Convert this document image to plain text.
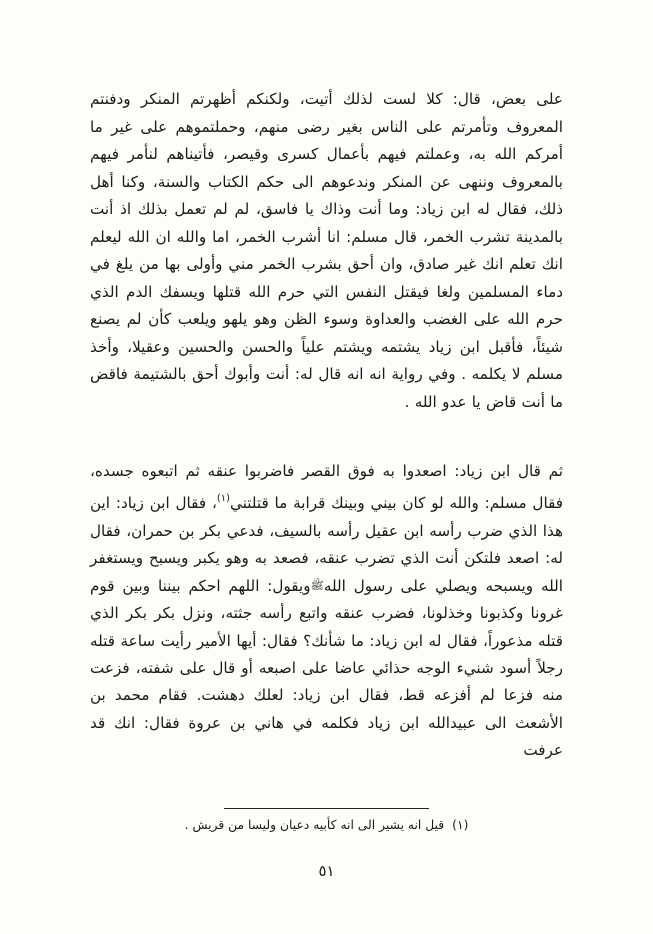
على بعض، قال: كلا لست لذلك أتيت، ولكنكم أظهرتم المنكر ودفنتم المعروف وتأمرتم على الناس بغير رضى منهم، وحملتموهم على غير ما أمركم الله به، وعملتم فيهم بأعمال كسرى وقيصر، فأتيناهم لنأمر فيهم بالمعروف وننهى عن المنكر وندعوهم الى حكم الكتاب والسنة، وكنا أهل ذلك، فقال له ابن زياد: وما أنت وذاك يا فاسق، لم لم تعمل بذلك اذ أنت بالمدينة تشرب الخمر، قال مسلم: انا أشرب الخمر، اما والله ان الله ليعلم انك تعلم انك غير صادق، وان أحق بشرب الخمر مني وأولى بها من يلغ في دماء المسلمين ولغا فيقتل النفس التي حرم الله قتلها ويسفك الدم الذي حرم الله على الغضب والعداوة وسوء الظن وهو يلهو ويلعب كأن لم يصنع شيئاً، فأقبل ابن زياد يشتمه ويشتم علياً والحسن والحسين وعقيلا، وأخذ مسلم لا يكلمه . وفي رواية انه انه قال له: أنت وأبوك أحق بالشتيمة فاقض ما أنت قاض يا عدو الله .

ثم قال ابن زياد: اصعدوا به فوق القصر فاضربوا عنقه ثم اتبعوه جسده، فقال مسلم: والله لو كان بيني وبينك قرابة ما قتلتني$^{(١)}$، فقال ابن زياد: اين هذا الذي ضرب رأسه ابن عقيل رأسه بالسيف، فدعي بكر بن حمران، فقال له: اصعد فلتكن أنت الذي تضرب عنقه، فصعد به وهو يكبر ويسبح ويستغفر الله ويسبحه ويصلي على رسول اللهﷺويقول: اللهم احكم بيننا وبين قوم غرونا وكذبونا وخذلونا، فضرب عنقه واتبع رأسه جثته، ونزل بكر بكر الذي قتله مذعوراً، فقال له ابن زياد: ما شأنك؟ فقال: أيها الأمير رأيت ساعة قتله رجلاً أسود شنيء الوجه حذائي عاضا على اصبعه أو قال على شفته، فزعت منه فزعا لم أفزعه قط، فقال ابن زياد: لعلك دهشت. فقام محمد بن الأشعث الى عبيدالله ابن زياد فكلمه في هاني بن عروة فقال: انك قد عرفت

(١)قيل انه يشير الى انه كأبيه دعيان وليسا من قريش .

٥١
